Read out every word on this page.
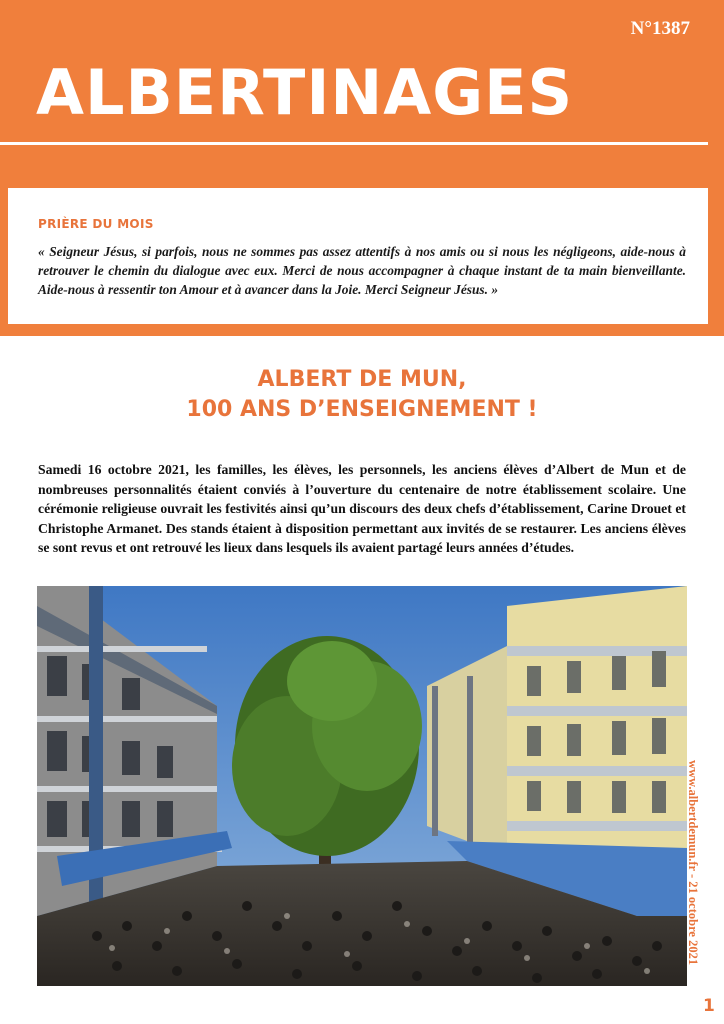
N°1387
ALBERTINAGES
PRIÈRE DU MOIS
« Seigneur Jésus, si parfois, nous ne sommes pas assez attentifs à nos amis ou si nous les négligeons, aide-nous à retrouver le chemin du dialogue avec eux. Merci de nous accompagner à chaque instant de ta main bienveillante. Aide-nous à ressentir ton Amour et à avancer dans la Joie. Merci Seigneur Jésus. »
ALBERT DE MUN,
100 ANS D’ENSEIGNEMENT !
Samedi 16 octobre 2021, les familles, les élèves, les personnels, les anciens élèves d’Albert de Mun et de nombreuses personnalités étaient conviés à l’ouverture du centenaire de notre établissement scolaire. Une cérémonie religieuse ouvrait les festivités ainsi qu’un discours des deux chefs d’établissement, Carine Drouet et Christophe Armanet. Des stands étaient à disposition permettant aux invités de se restaurer. Les anciens élèves se sont revus et ont retrouvé les lieux dans lesquels ils avaient partagé leurs années d’études.
www.albertdemun.fr - 21 octobre 2021
1
